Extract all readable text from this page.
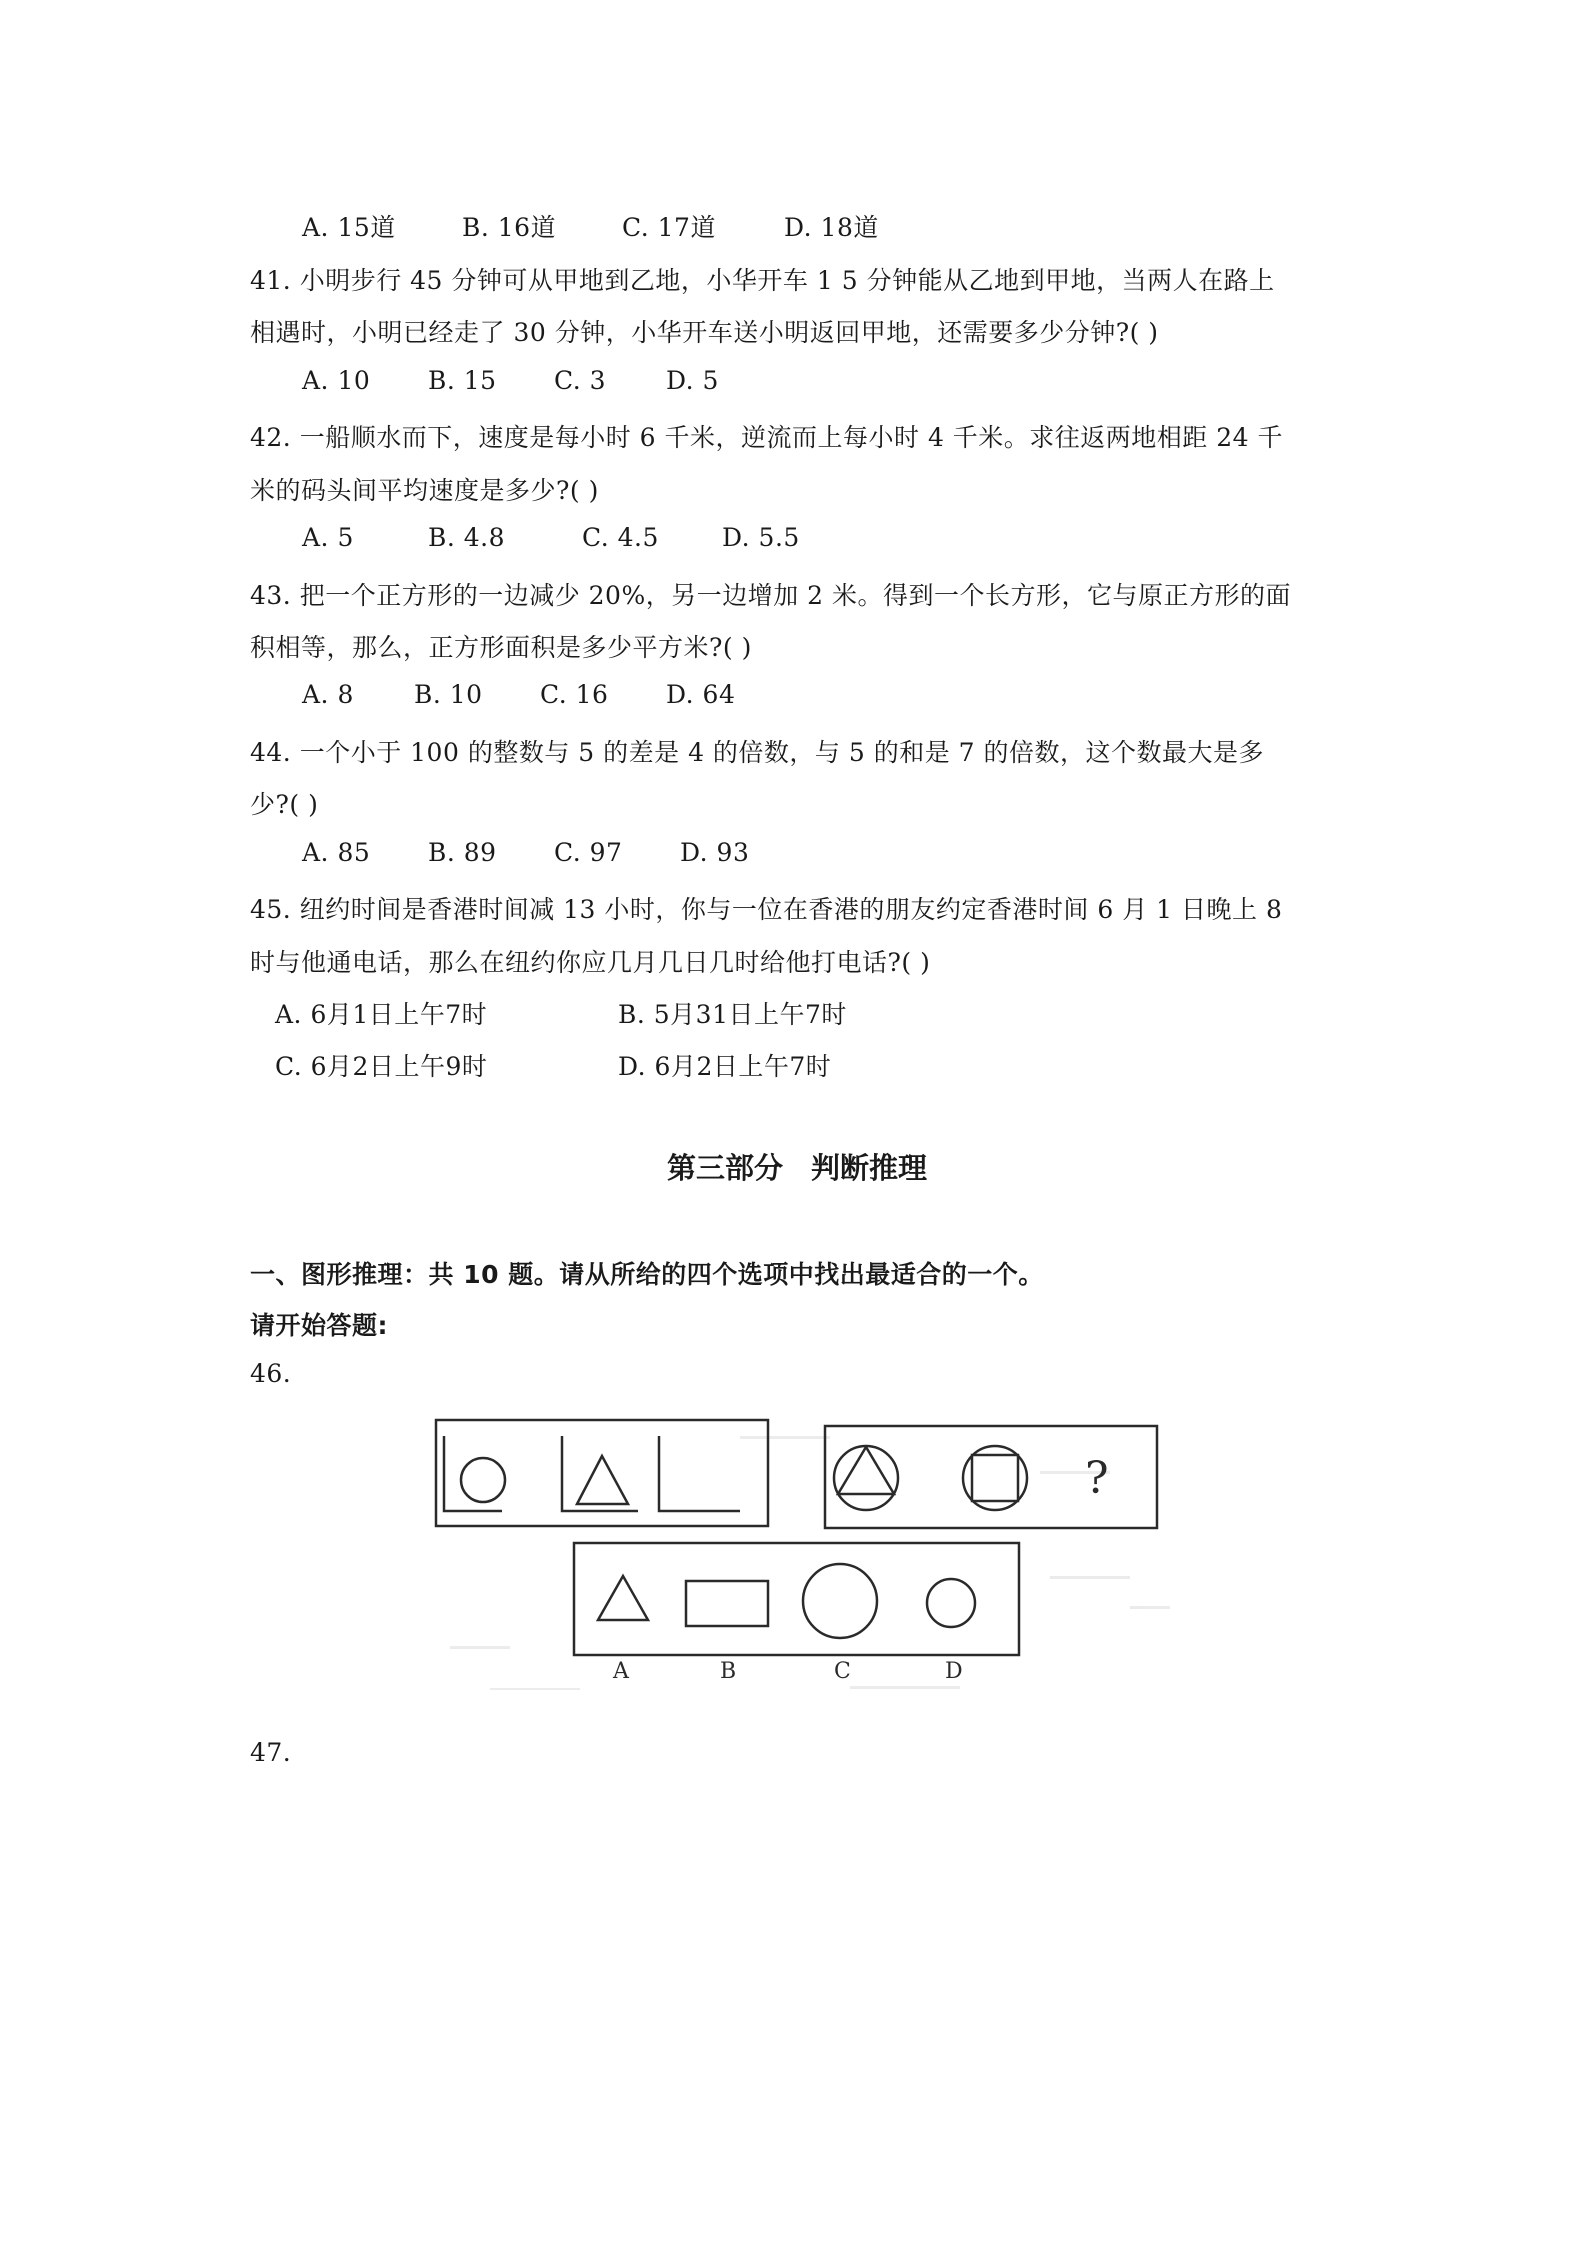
A. 15道	B. 16道	C. 17道	D. 18道
41. 小明步行 45 分钟可从甲地到乙地，小华开车 1 5 分钟能从乙地到甲地，当两人在路上
相遇时，小明已经走了 30 分钟，小华开车送小明返回甲地，还需要多少分钟?( )
A. 10 B. 15 C. 3 D. 5
42. 一船顺水而下，速度是每小时 6 千米，逆流而上每小时 4 千米。求往返两地相距 24 千
米的码头间平均速度是多少?( )
A. 5	B. 4.8	C. 4.5	D. 5.5
43. 把一个正方形的一边减少 20%，另一边增加 2 米。得到一个长方形，它与原正方形的面
积相等，那么，正方形面积是多少平方米?( )
A. 8 B. 10 C. 16 D. 64
44. 一个小于 100 的整数与 5 的差是 4 的倍数，与 5 的和是 7 的倍数，这个数最大是多
少?( )
A. 85 B. 89 C. 97 D. 93
45. 纽约时间是香港时间减 13 小时，你与一位在香港的朋友约定香港时间 6 月 1 日晚上 8
时与他通电话，那么在纽约你应几月几日几时给他打电话?( )
A. 6月1日上午7时	B. 5月31日上午7时
C. 6月2日上午9时	D. 6月2日上午7时
第三部分 判断推理
一、图形推理：共 10 题。请从所给的四个选项中找出最适合的一个。
请开始答题:
46.
?
A	B	C	D
47.
